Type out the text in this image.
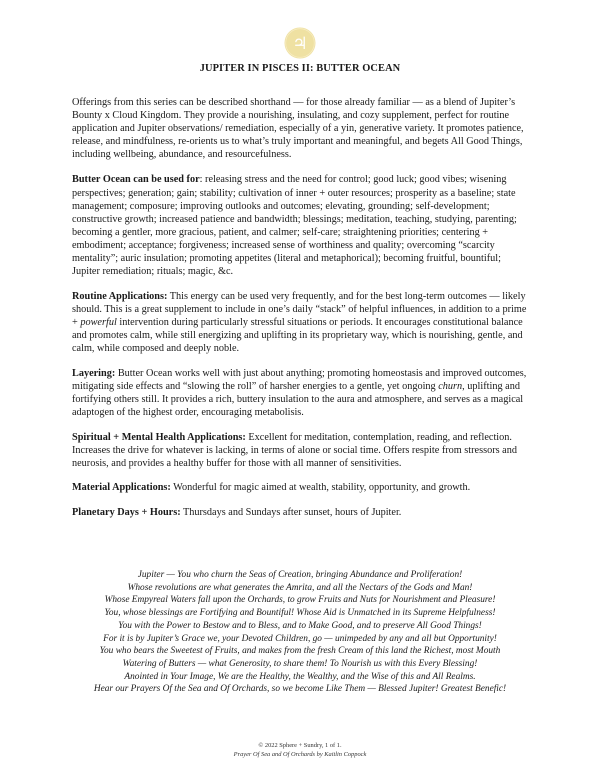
♃
JUPITER IN PISCES II: BUTTER OCEAN

Offerings from this series can be described shorthand — for those already familiar — as a blend of Jupiter’s Bounty x Cloud Kingdom. They provide a nourishing, insulating, and cozy supplement, perfect for routine application and Jupiter observations/ remediation, especially of a yin, generative variety. It promotes patience, release, and mindfulness, re-orients us to what’s truly important and meaningful, and begets All Good Things, including wellbeing, abundance, and resourcefulness.

Butter Ocean can be used for: releasing stress and the need for control; good luck; good vibes; wisening perspectives; generation; gain; stability; cultivation of inner + outer resources; prosperity as a baseline; state management; composure; improving outlooks and outcomes; elevating, grounding; self-development; constructive growth; increased patience and bandwidth; blessings; meditation, teaching, studying, parenting; becoming a gentler, more gracious, patient, and calmer; self-care; straightening priorities; centering + embodiment; acceptance; forgiveness; increased sense of worthiness and quality; overcoming “scarcity mentality”; auric insulation; promoting appetites (literal and metaphorical); becoming fruitful, bountiful; Jupiter remediation; rituals; magic, &c.

Routine Applications: This energy can be used very frequently, and for the best long-term outcomes — likely should. This is a great supplement to include in one’s daily “stack” of helpful influences, in addition to a prime + powerful intervention during particularly stressful situations or periods. It encourages constitutional balance and promotes calm, while still energizing and uplifting in its proprietary way, which is nourishing, gentle, and calm, while composed and deeply noble.

Layering: Butter Ocean works well with just about anything; promoting homeostasis and improved outcomes, mitigating side effects and “slowing the roll” of harsher energies to a gentle, yet ongoing churn, uplifting and fortifying others still. It provides a rich, buttery insulation to the aura and atmosphere, and serves as a magical adaptogen of the highest order, encouraging metabolisis.

Spiritual + Mental Health Applications: Excellent for meditation, contemplation, reading, and reflection. Increases the drive for whatever is lacking, in terms of alone or social time. Offers respite from stressors and neurosis, and provides a healthy buffer for those with all manner of sensitivities.

Material Applications: Wonderful for magic aimed at wealth, stability, opportunity, and growth.

Planetary Days + Hours: Thursdays and Sundays after sunset, hours of Jupiter.

Jupiter — You who churn the Seas of Creation, bringing Abundance and Proliferation!
Whose revolutions are what generates the Amrita, and all the Nectars of the Gods and Man!
Whose Empyreal Waters fall upon the Orchards, to grow Fruits and Nuts for Nourishment and Pleasure!
You, whose blessings are Fortifying and Bountiful! Whose Aid is Unmatched in its Supreme Helpfulness!
You with the Power to Bestow and to Bless, and to Make Good, and to preserve All Good Things!
For it is by Jupiter’s Grace we, your Devoted Children, go — unimpeded by any and all but Opportunity!
You who bears the Sweetest of Fruits, and makes from the fresh Cream of this land the Richest, most Mouth
Watering of Butters — what Generosity, to share them! To Nourish us with this Every Blessing!
Anointed in Your Image, We are the Healthy, the Wealthy, and the Wise of this and All Realms.
Hear our Prayers Of the Sea and Of Orchards, so we become Like Them — Blessed Jupiter! Greatest Benefic!
© 2022 Sphere + Sundry, 1 of 1.
Prayer Of Sea and Of Orchards by Kaitlin Coppock
